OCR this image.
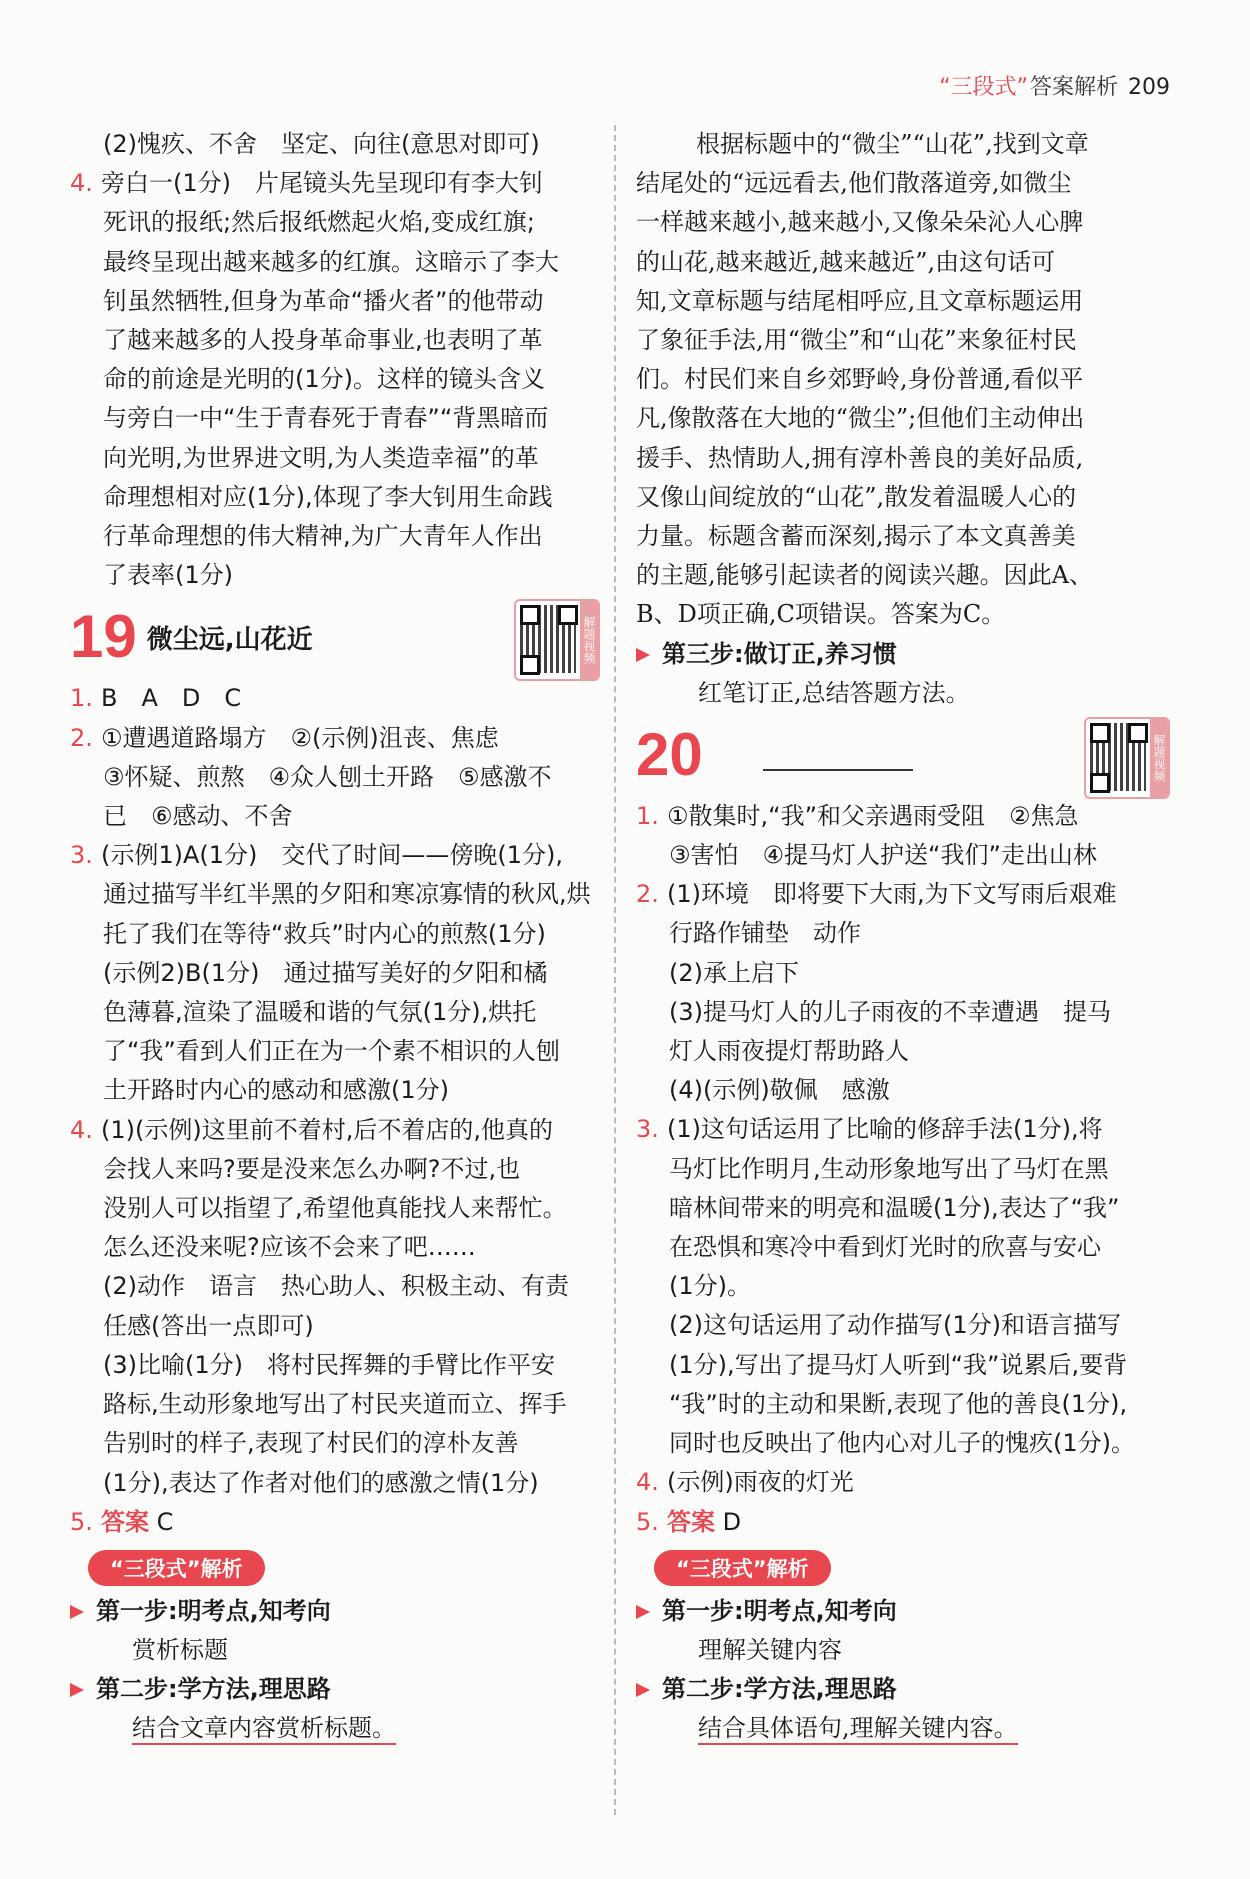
“三段式”答案解析 209
(2)愧疚、不舍　坚定、向往(意思对即可)
4. 旁白一(1分)　片尾镜头先呈现印有李大钊
死讯的报纸;然后报纸燃起火焰,变成红旗;
最终呈现出越来越多的红旗。这暗示了李大
钊虽然牺牲,但身为革命“播火者”的他带动
了越来越多的人投身革命事业,也表明了革
命的前途是光明的(1分)。这样的镜头含义
与旁白一中“生于青春死于青春”“背黑暗而
向光明,为世界进文明,为人类造幸福”的革
命理想相对应(1分),体现了李大钊用生命践
行革命理想的伟大精神,为广大青年人作出
了表率(1分)
19 微尘远,山花近	解题视频
1. B　A　D　C
2. ①遭遇道路塌方　②(示例)沮丧、焦虑
③怀疑、煎熬　④众人刨土开路　⑤感激不
已　⑥感动、不舍
3. (示例1)A(1分)　交代了时间——傍晚(1分),
通过描写半红半黑的夕阳和寒凉寡情的秋风,烘
托了我们在等待“救兵”时内心的煎熬(1分)
(示例2)B(1分)　通过描写美好的夕阳和橘
色薄暮,渲染了温暖和谐的气氛(1分),烘托
了“我”看到人们正在为一个素不相识的人刨
土开路时内心的感动和感激(1分)
4. (1)(示例)这里前不着村,后不着店的,他真的
会找人来吗?要是没来怎么办啊?不过,也
没别人可以指望了,希望他真能找人来帮忙。
怎么还没来呢?应该不会来了吧……
(2)动作　语言　热心助人、积极主动、有责
任感(答出一点即可)
(3)比喻(1分)　将村民挥舞的手臂比作平安
路标,生动形象地写出了村民夹道而立、挥手
告别时的样子,表现了村民们的淳朴友善
(1分),表达了作者对他们的感激之情(1分)
5. 答案 C
“三段式”解析
第一步:明考点,知考向
赏析标题
第二步:学方法,理思路
结合文章内容赏析标题。
根据标题中的“微尘”“山花”,找到文章
结尾处的“远远看去,他们散落道旁,如微尘
一样越来越小,越来越小,又像朵朵沁人心脾
的山花,越来越近,越来越近”,由这句话可
知,文章标题与结尾相呼应,且文章标题运用
了象征手法,用“微尘”和“山花”来象征村民
们。村民们来自乡郊野岭,身份普通,看似平
凡,像散落在大地的“微尘”;但他们主动伸出
援手、热情助人,拥有淳朴善良的美好品质,
又像山间绽放的“山花”,散发着温暖人心的
力量。标题含蓄而深刻,揭示了本文真善美
的主题,能够引起读者的阅读兴趣。因此A、
B、D项正确,C项错误。答案为C。
第三步:做订正,养习惯
红笔订正,总结答题方法。
20	解题视频
1. ①散集时,“我”和父亲遇雨受阻　②焦急
③害怕　④提马灯人护送“我们”走出山林
2. (1)环境　即将要下大雨,为下文写雨后艰难
行路作铺垫　动作
(2)承上启下
(3)提马灯人的儿子雨夜的不幸遭遇　提马
灯人雨夜提灯帮助路人
(4)(示例)敬佩　感激
3. (1)这句话运用了比喻的修辞手法(1分),将
马灯比作明月,生动形象地写出了马灯在黑
暗林间带来的明亮和温暖(1分),表达了“我”
在恐惧和寒冷中看到灯光时的欣喜与安心
(1分)。
(2)这句话运用了动作描写(1分)和语言描写
(1分),写出了提马灯人听到“我”说累后,要背
“我”时的主动和果断,表现了他的善良(1分),
同时也反映出了他内心对儿子的愧疚(1分)。
4. (示例)雨夜的灯光
5. 答案 D
“三段式”解析
第一步:明考点,知考向
理解关键内容
第二步:学方法,理思路
结合具体语句,理解关键内容。
